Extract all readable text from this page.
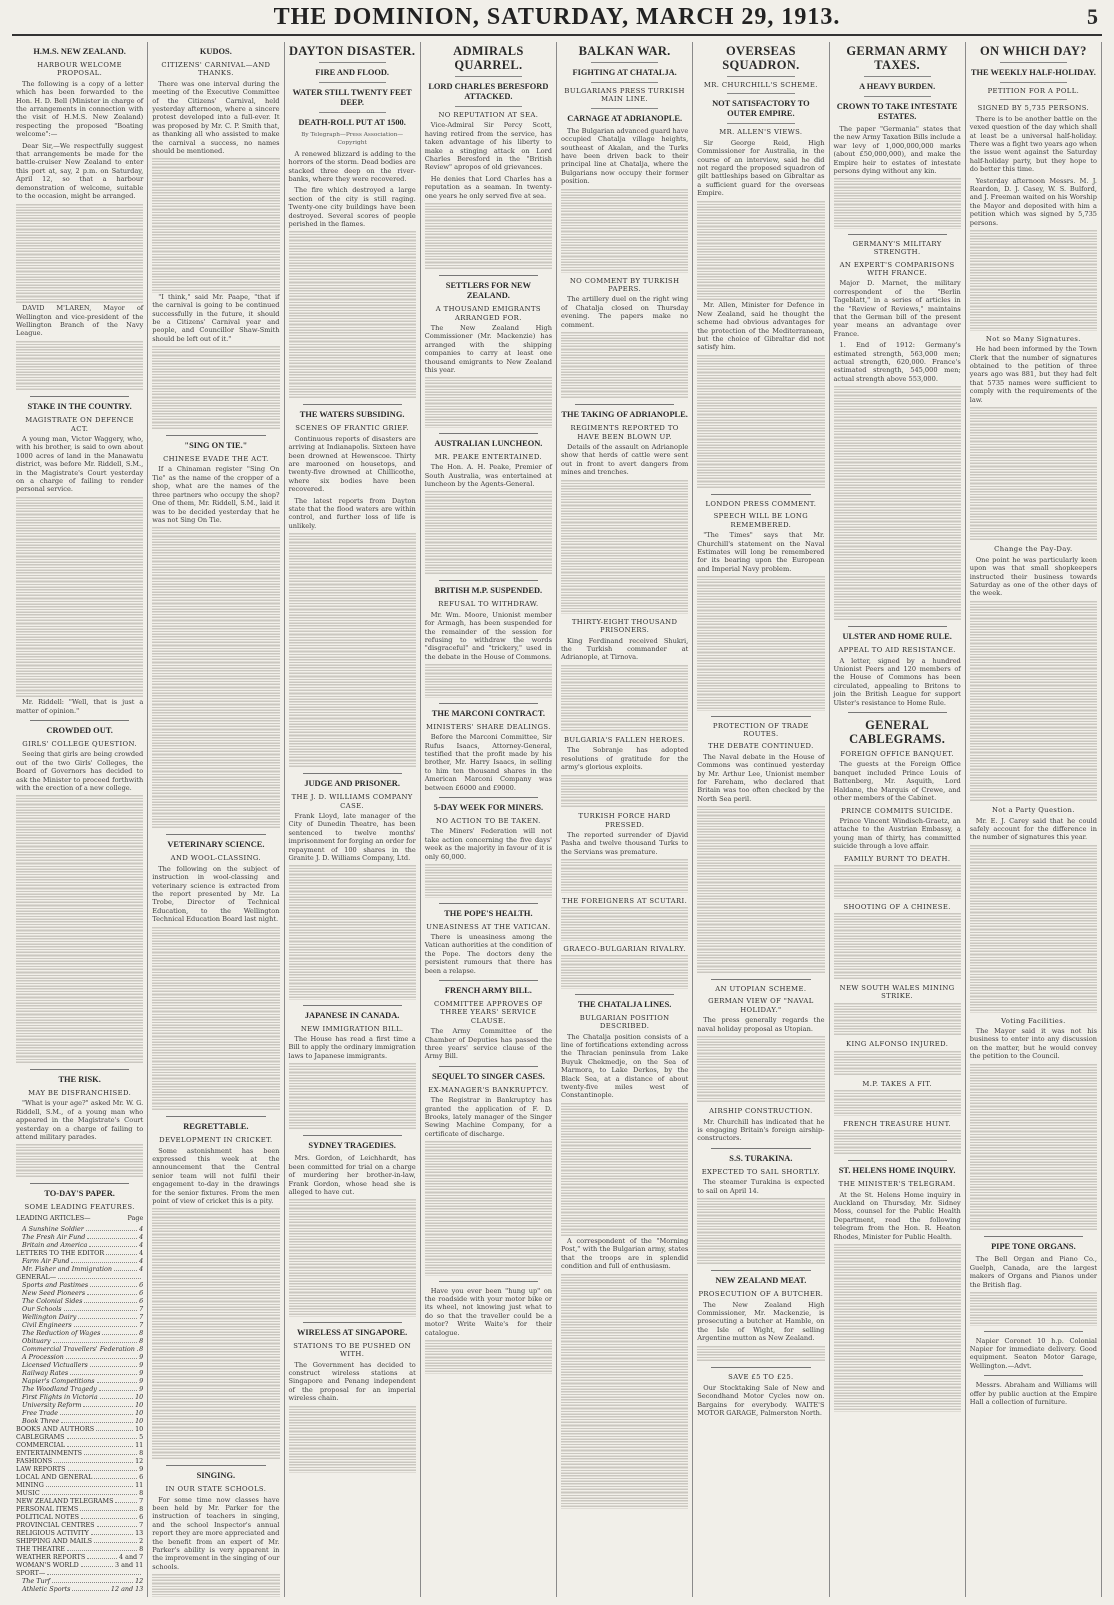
THE DOMINION, SATURDAY, MARCH 29, 1913.	5
H.M.S. NEW ZEALAND.
HARBOUR WELCOME PROPOSAL.

The following is a copy of a letter which has been forwarded to the Hon. H. D. Bell (Minister in charge of the arrangements in connection with the visit of H.M.S. New Zealand) respecting the proposed "Boating welcome":—

Dear Sir,—We respectfully suggest that arrangements be made for the battle-cruiser New Zealand to enter this port at, say, 2 p.m. on Saturday, April 12, so that a harbour demonstration of welcome, suitable to the occasion, might be arranged.

DAVID M'LAREN, Mayor of Wellington and vice-president of the Wellington Branch of the Navy League.

STAKE IN THE COUNTRY.
MAGISTRATE ON DEFENCE ACT.

A young man, Victor Waggery, who, with his brother, is said to own about 1000 acres of land in the Manawatu district, was before Mr. Riddell, S.M., in the Magistrate's Court yesterday on a charge of failing to render personal service.

Mr. Riddell: "Well, that is just a matter of opinion."

CROWDED OUT.
GIRLS' COLLEGE QUESTION.

Seeing that girls are being crowded out of the two Girls' Colleges, the Board of Governors has decided to ask the Minister to proceed forthwith with the erection of a new college.

THE RISK.
MAY BE DISFRANCHISED.

"What is your age?" asked Mr. W. G. Riddell, S.M., of a young man who appeared in the Magistrate's Court yesterday on a charge of failing to attend military parades.

TO-DAY'S PAPER.
SOME LEADING FEATURES.
LEADING ARTICLES—	Page
A Sunshine Soldier	4
The Fresh Air Fund	4
Britain and America	4
LETTERS TO THE EDITOR	4
Farm Air Fund	4
Mr. Fisher and Immigration	4
GENERAL—
Sports and Pastimes	6
New Seed Pioneers	6
The Colonial Sides	6
Our Schools	7
Wellington Dairy	7
Civil Engineers	7
The Reduction of Wages	8
Obituary	8
Commercial Travellers' Federation 8
A Procession	9
Licensed Victuallers	9
Railway Rates	9
Napier's Competitions	9
The Woodland Tragedy	9
First Flights in Victoria	10
University Reform	10
Free Trade	10
Book Three	10
BOOKS AND AUTHORS	10
CABLEGRAMS	5
COMMERCIAL	11
ENTERTAINMENTS	8
FASHIONS	12
LAW REPORTS	9
LOCAL AND GENERAL	6
MINING	11
MUSIC	8
NEW ZEALAND TELEGRAMS	7
PERSONAL ITEMS	8
POLITICAL NOTES	6
PROVINCIAL CENTRES	7
RELIGIOUS ACTIVITY	13
SHIPPING AND MAILS	2
THE THEATRE	8
WEATHER REPORTS	4 and 7
WOMAN'S WORLD	3 and 11
SPORT—
The Turf	12
Athletic Sports	12 and 13
KUDOS.
CITIZENS' CARNIVAL—AND THANKS.

There was one interval during the meeting of the Executive Committee of the Citizens' Carnival, held yesterday afternoon, where a sincere protest developed into a full-ever. It was proposed by Mr. C. P. Smith that, as thanking all who assisted to make the carnival a success, no names should be mentioned.

"I think," said Mr. Paape, "that if the carnival is going to be continued successfully in the future, it should be a Citizens' Carnival year and people, and Councillor Shaw-Smith should be left out of it."

"SING ON TIE."
CHINESE EVADE THE ACT.

If a Chinaman register "Sing On Tie" as the name of the cropper of a shop, what are the names of the three partners who occupy the shop? One of them, Mr. Riddell, S.M., laid it was to be decided yesterday that he was not Sing On Tie.

VETERINARY SCIENCE.
AND WOOL-CLASSING.

The following on the subject of instruction in wool-classing and veterinary science is extracted from the report presented by Mr. La Trobe, Director of Technical Education, to the Wellington Technical Education Board last night.

REGRETTABLE.
DEVELOPMENT IN CRICKET.

Some astonishment has been expressed this week at the announcement that the Central senior team will not fulfil their engagement to-day in the drawings for the senior fixtures. From the men point of view of cricket this is a pity.

SINGING.
IN OUR STATE SCHOOLS.

For some time now classes have been held by Mr. Parker for the instruction of teachers in singing, and the school Inspector's annual report they are more appreciated and the benefit from an expert of Mr. Parker's ability is very apparent in the improvement in the singing of our schools.

DAYTON DISASTER.
FIRE AND FLOOD.
WATER STILL TWENTY FEET DEEP.
DEATH-ROLL PUT AT 1500.
By Telegraph—Press Association—Copyright

A renewed blizzard is adding to the horrors of the storm. Dead bodies are stacked three deep on the river-banks, where they were recovered.

The fire which destroyed a large section of the city is still raging. Twenty-one city buildings have been destroyed. Several scores of people perished in the flames.

THE WATERS SUBSIDING.
SCENES OF FRANTIC GRIEF.

Continuous reports of disasters are arriving at Indianapolis. Sixteen have been drowned at Hewenscoe. Thirty are marooned on housetops, and twenty-five drowned at Chillicothe, where six bodies have been recovered.

The latest reports from Dayton state that the flood waters are within control, and further loss of life is unlikely.

JUDGE AND PRISONER.
THE J. D. WILLIAMS COMPANY CASE.

Frank Lloyd, late manager of the City of Dunedin Theatre, has been sentenced to twelve months' imprisonment for forging an order for repayment of 100 shares in the Granite J. D. Williams Company, Ltd.

JAPANESE IN CANADA.
NEW IMMIGRATION BILL.

The House has read a first time a Bill to apply the ordinary immigration laws to Japanese immigrants.

SYDNEY TRAGEDIES.

Mrs. Gordon, of Leichhardt, has been committed for trial on a charge of murdering her brother-in-law, Frank Gordon, whose head she is alleged to have cut.

WIRELESS AT SINGAPORE.
STATIONS TO BE PUSHED ON WITH.

The Government has decided to construct wireless stations at Singapore and Penang independent of the proposal for an imperial wireless chain.

ADMIRALS QUARREL.
LORD CHARLES BERESFORD ATTACKED.
NO REPUTATION AT SEA.

Vice-Admiral Sir Percy Scott, having retired from the service, has taken advantage of his liberty to make a stinging attack on Lord Charles Beresford in the "British Review" apropos of old grievances.

He denies that Lord Charles has a reputation as a seaman. In twenty-one years he only served five at sea.

SETTLERS FOR NEW ZEALAND.
A THOUSAND EMIGRANTS ARRANGED FOR.

The New Zealand High Commissioner (Mr. Mackenzie) has arranged with the shipping companies to carry at least one thousand emigrants to New Zealand this year.

AUSTRALIAN LUNCHEON.
MR. PEAKE ENTERTAINED.

The Hon. A. H. Peake, Premier of South Australia, was entertained at luncheon by the Agents-General.

BRITISH M.P. SUSPENDED.
REFUSAL TO WITHDRAW.

Mr. Wm. Moore, Unionist member for Armagh, has been suspended for the remainder of the session for refusing to withdraw the words "disgraceful" and "trickery," used in the debate in the House of Commons.

THE MARCONI CONTRACT.
MINISTERS' SHARE DEALINGS.

Before the Marconi Committee, Sir Rufus Isaacs, Attorney-General, testified that the profit made by his brother, Mr. Harry Isaacs, in selling to him ten thousand shares in the American Marconi Company was between £6000 and £9000.

5-DAY WEEK FOR MINERS.
NO ACTION TO BE TAKEN.

The Miners' Federation will not take action concerning the five days' week as the majority in favour of it is only 60,000.

THE POPE'S HEALTH.
UNEASINESS AT THE VATICAN.

There is uneasiness among the Vatican authorities at the condition of the Pope. The doctors deny the persistent rumours that there has been a relapse.

FRENCH ARMY BILL.
COMMITTEE APPROVES OF THREE YEARS' SERVICE CLAUSE.

The Army Committee of the Chamber of Deputies has passed the three years' service clause of the Army Bill.

SEQUEL TO SINGER CASES.
EX-MANAGER'S BANKRUPTCY.

The Registrar in Bankruptcy has granted the application of F. D. Brooks, lately manager of the Singer Sewing Machine Company, for a certificate of discharge.

Have you ever been "hung up" on the roadside with your motor bike or its wheel, not knowing just what to do so that the traveller could be a motor? Write Waite's for their catalogue.

BALKAN WAR.
FIGHTING AT CHATALJA.
BULGARIANS PRESS TURKISH MAIN LINE.
CARNAGE AT ADRIANOPLE.

The Bulgarian advanced guard have occupied Chatalja village heights, southeast of Akalan, and the Turks have been driven back to their principal line at Chatalja, where the Bulgarians now occupy their former position.

NO COMMENT BY TURKISH PAPERS.

The artillery duel on the right wing of Chatalja closed on Thursday evening. The papers make no comment.

THE TAKING OF ADRIANOPLE.
REGIMENTS REPORTED TO HAVE BEEN BLOWN UP.

Details of the assault on Adrianople show that herds of cattle were sent out in front to avert dangers from mines and trenches.

THIRTY-EIGHT THOUSAND PRISONERS.

King Ferdinand received Shukri, the Turkish commander at Adrianople, at Tirnova.

BULGARIA'S FALLEN HEROES.

The Sobranje has adopted resolutions of gratitude for the army's glorious exploits.

TURKISH FORCE HARD PRESSED.

The reported surrender of Djavid Pasha and twelve thousand Turks to the Servians was premature.

THE FOREIGNERS AT SCUTARI.
GRAECO-BULGARIAN RIVALRY.
THE CHATALJA LINES.
BULGARIAN POSITION DESCRIBED.

The Chatalja position consists of a line of fortifications extending across the Thracian peninsula from Lake Buyuk Chekmedje, on the Sea of Marmora, to Lake Derkos, by the Black Sea, at a distance of about twenty-five miles west of Constantinople.

A correspondent of the "Morning Post," with the Bulgarian army, states that the troops are in splendid condition and full of enthusiasm.

OVERSEAS SQUADRON.
MR. CHURCHILL'S SCHEME.
NOT SATISFACTORY TO OUTER EMPIRE.
MR. ALLEN'S VIEWS.

Sir George Reid, High Commissioner for Australia, in the course of an interview, said he did not regard the proposed squadron of gilt battleships based on Gibraltar as a sufficient guard for the overseas Empire.

Mr. Allen, Minister for Defence in New Zealand, said he thought the scheme had obvious advantages for the protection of the Mediterranean, but the choice of Gibraltar did not satisfy him.

LONDON PRESS COMMENT.
SPEECH WILL BE LONG REMEMBERED.

"The Times" says that Mr. Churchill's statement on the Naval Estimates will long be remembered for its bearing upon the European and Imperial Navy problem.

PROTECTION OF TRADE ROUTES.
THE DEBATE CONTINUED.

The Naval debate in the House of Commons was continued yesterday by Mr. Arthur Lee, Unionist member for Fareham, who declared that Britain was too often checked by the North Sea peril.

AN UTOPIAN SCHEME.
GERMAN VIEW OF "NAVAL HOLIDAY."

The press generally regards the naval holiday proposal as Utopian.

AIRSHIP CONSTRUCTION.

Mr. Churchill has indicated that he is engaging Britain's foreign airship-constructors.

S.S. TURAKINA.
EXPECTED TO SAIL SHORTLY.

The steamer Turakina is expected to sail on April 14.

NEW ZEALAND MEAT.
PROSECUTION OF A BUTCHER.

The New Zealand High Commissioner, Mr. Mackenzie, is prosecuting a butcher at Hamble, on the Isle of Wight, for selling Argentine mutton as New Zealand.

SAVE £5 TO £25.

Our Stocktaking Sale of New and Secondhand Motor Cycles now on. Bargains for everybody. WAITE'S MOTOR GARAGE, Palmerston North.

GERMAN ARMY TAXES.
A HEAVY BURDEN.
CROWN TO TAKE INTESTATE ESTATES.

The paper "Germania" states that the new Army Taxation Bills include a war levy of 1,000,000,000 marks (about £50,000,000), and make the Empire heir to estates of intestate persons dying without any kin.

GERMANY'S MILITARY STRENGTH.
AN EXPERT'S COMPARISONS WITH FRANCE.

Major D. Marnet, the military correspondent of the "Berlin Tageblatt," in a series of articles in the "Review of Reviews," maintains that the German bill of the present year means an advantage over France.

1. End of 1912: Germany's estimated strength, 563,000 men; actual strength, 620,000. France's estimated strength, 545,000 men; actual strength above 553,000.

ULSTER AND HOME RULE.
APPEAL TO AID RESISTANCE.

A letter, signed by a hundred Unionist Peers and 120 members of the House of Commons has been circulated, appealing to Britons to join the British League for support Ulster's resistance to Home Rule.

GENERAL CABLEGRAMS.
FOREIGN OFFICE BANQUET.

The guests at the Foreign Office banquet included Prince Louis of Battenberg, Mr. Asquith, Lord Haldane, the Marquis of Crewe, and other members of the Cabinet.

PRINCE COMMITS SUICIDE.

Prince Vincent Windisch-Graetz, an attache to the Austrian Embassy, a young man of thirty, has committed suicide through a love affair.

FAMILY BURNT TO DEATH.
SHOOTING OF A CHINESE.
NEW SOUTH WALES MINING STRIKE.
KING ALFONSO INJURED.
M.P. TAKES A FIT.
FRENCH TREASURE HUNT.
ST. HELENS HOME INQUIRY.
THE MINISTER'S TELEGRAM.

At the St. Helens Home inquiry in Auckland on Thursday, Mr. Sidney Moss, counsel for the Public Health Department, read the following telegram from the Hon. R. Heaton Rhodes, Minister for Public Health.

ON WHICH DAY?
THE WEEKLY HALF-HOLIDAY.
PETITION FOR A POLL.
SIGNED BY 5,735 PERSONS.

There is to be another battle on the vexed question of the day which shall at least be a universal half-holiday. There was a fight two years ago when the issue went against the Saturday half-holiday party, but they hope to do better this time.

Yesterday afternoon Messrs. M. J. Reardon, D. J. Casey, W. S. Bulford, and J. Freeman waited on his Worship the Mayor and deposited with him a petition which was signed by 5,735 persons.

Not so Many Signatures.

He had been informed by the Town Clerk that the number of signatures obtained to the petition of three years ago was 881, but they had felt that 5735 names were sufficient to comply with the requirements of the law.

Change the Pay-Day.

One point he was particularly keen upon was that small shopkeepers instructed their business towards Saturday as one of the other days of the week.

Not a Party Question.

Mr. E. J. Carey said that he could safely account for the difference in the number of signatures this year.

Voting Facilities.

The Mayor said it was not his business to enter into any discussion on the matter, but he would convey the petition to the Council.

PIPE TONE ORGANS.

The Bell Organ and Piano Co., Guelph, Canada, are the largest makers of Organs and Pianos under the British flag.

Napier Coronet 10 h.p. Colonial Napier for immediate delivery. Good equipment. Seaton Motor Garage, Wellington.—Advt.

Messrs. Abraham and Williams will offer by public auction at the Empire Hall a collection of furniture.
